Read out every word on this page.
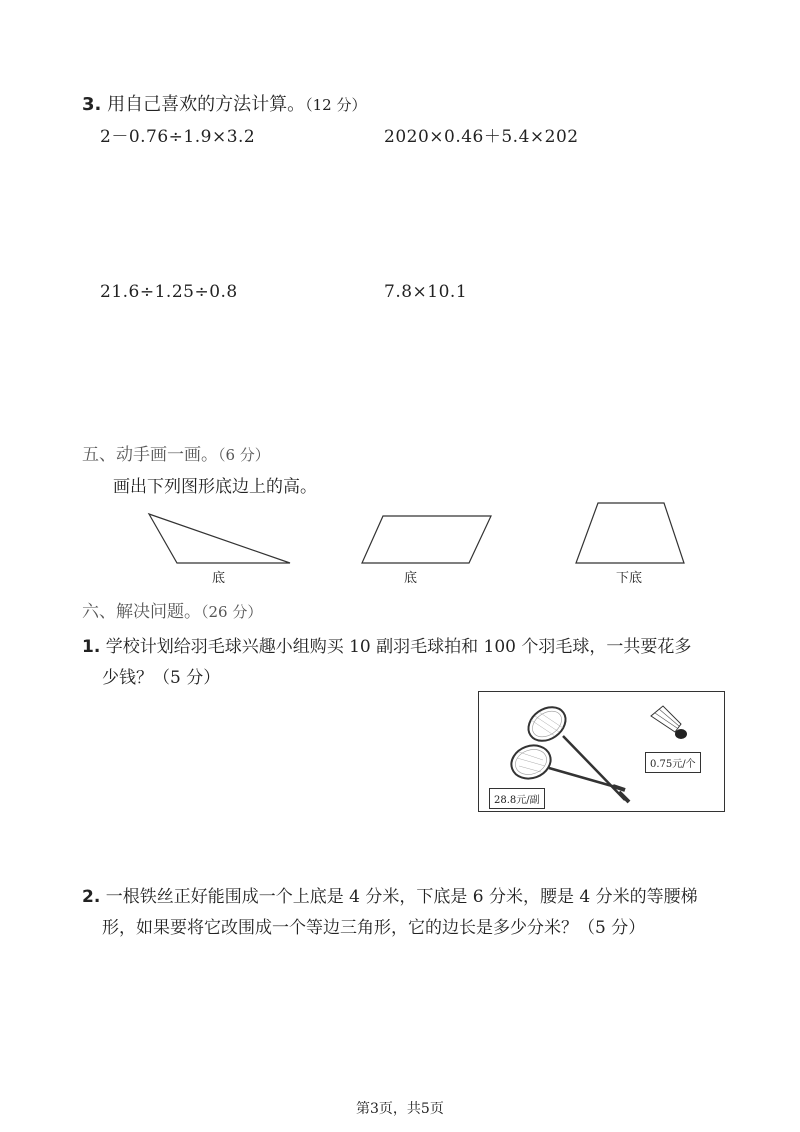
3. 用自己喜欢的方法计算。（12 分）
2－0.76÷1.9×3.2	2020×0.46＋5.4×202
21.6÷1.25÷0.8	7.8×10.1
五、动手画一画。（6 分）
画出下列图形底边上的高。
底	底	下底
六、解决问题。（26 分）
1. 学校计划给羽毛球兴趣小组购买 10 副羽毛球拍和 100 个羽毛球，一共要花多
少钱？（5 分）
0.75元/个
28.8元/副
2. 一根铁丝正好能围成一个上底是 4 分米，下底是 6 分米，腰是 4 分米的等腰梯
形，如果要将它改围成一个等边三角形，它的边长是多少分米？（5 分）
第3页，共5页
